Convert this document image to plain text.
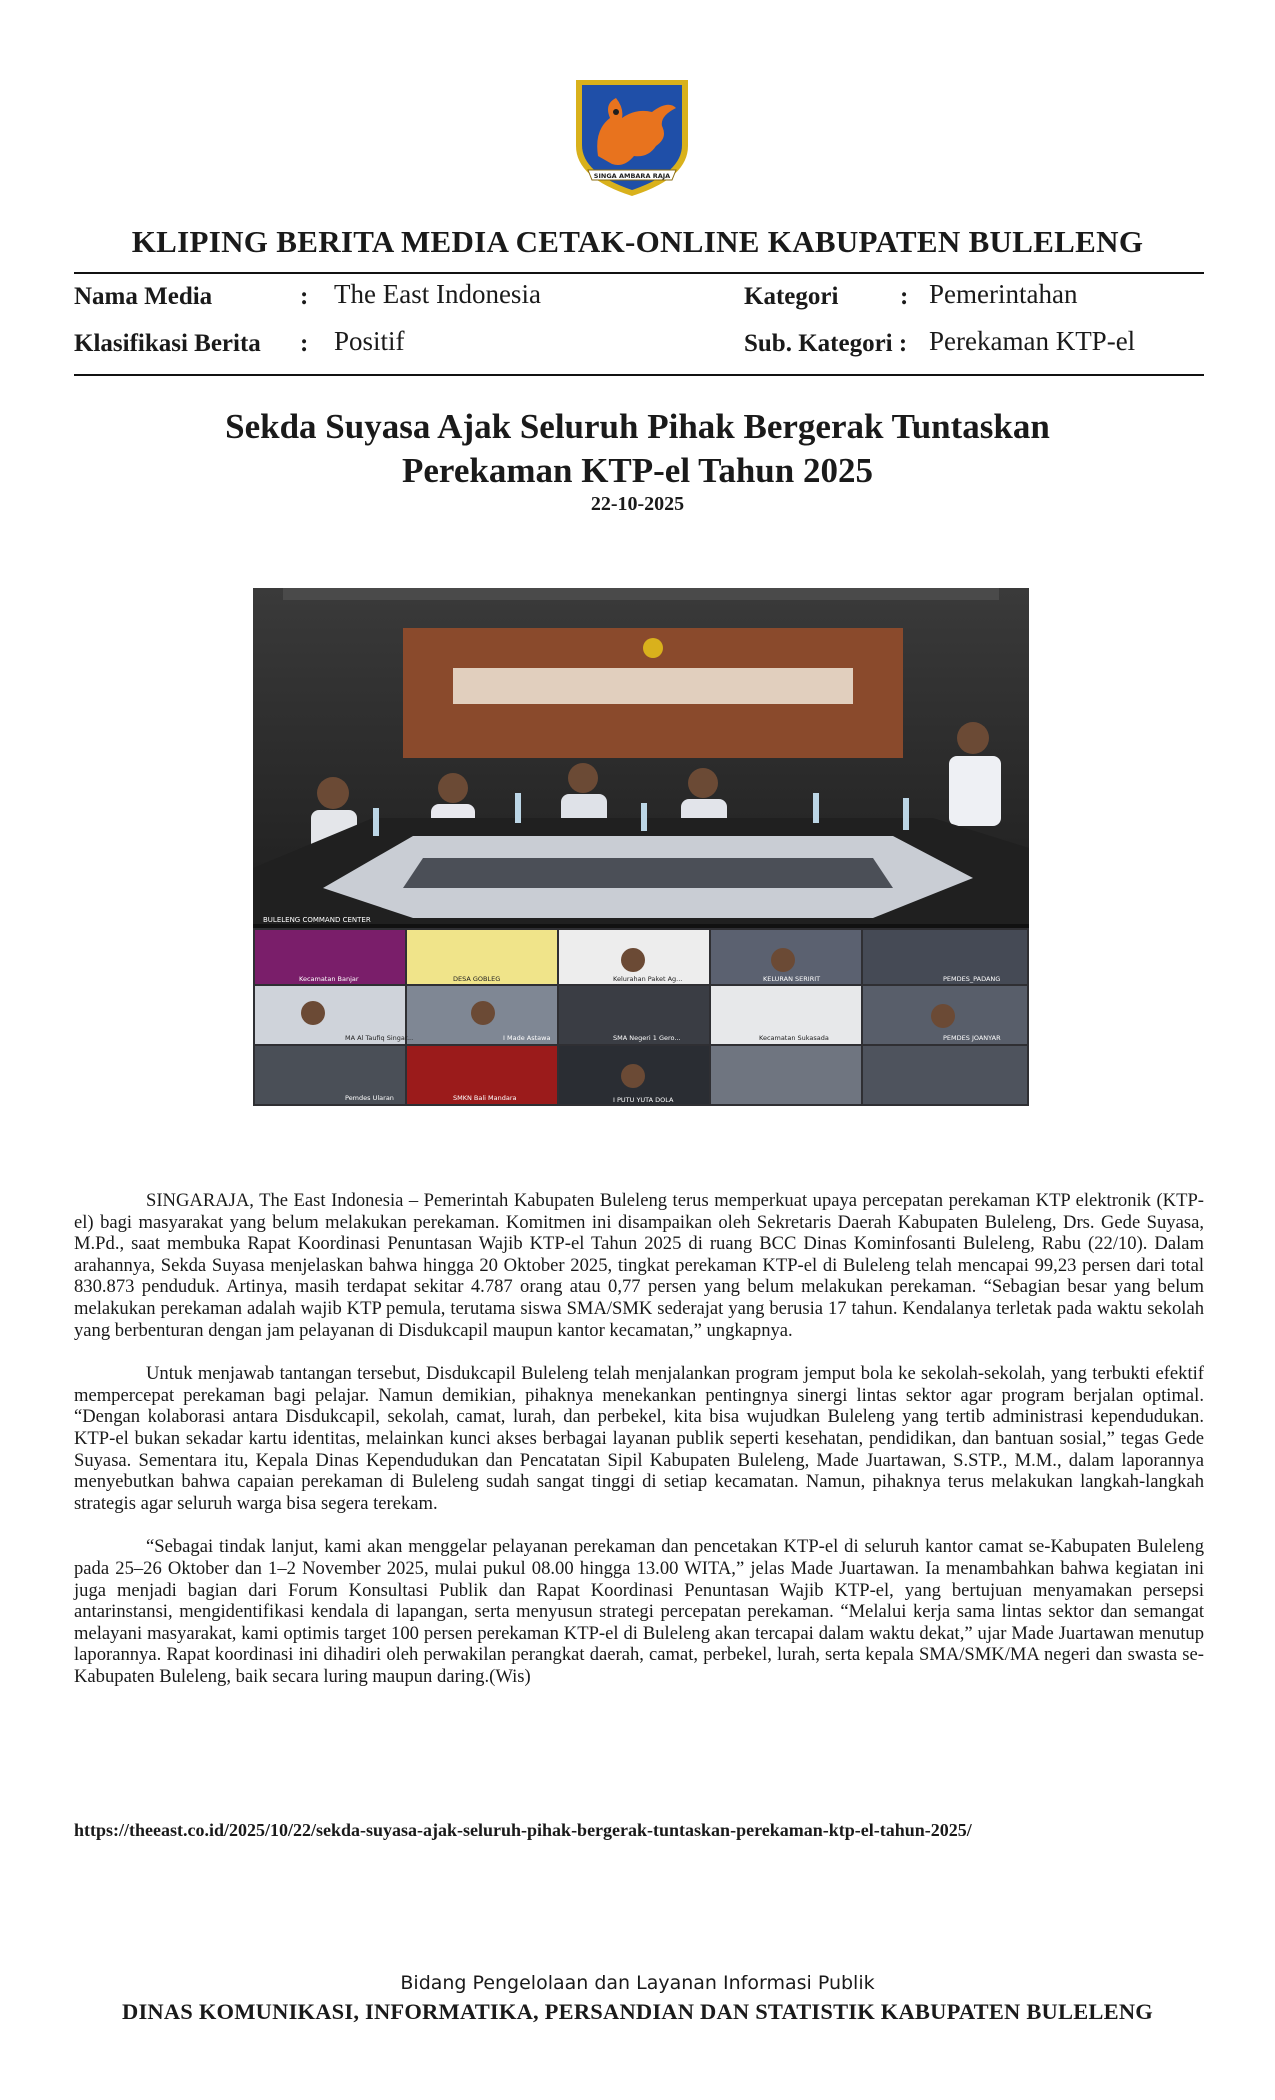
SINGA AMBARA RAJA
KLIPING BERITA MEDIA CETAK-ONLINE KABUPATEN BULELENG
Nama Media	: The East Indonesia	Kategori : Pemerintahan
Klasifikasi Berita : Positif	Sub. Kategori : Perekaman KTP-el
Sekda Suyasa Ajak Seluruh Pihak Bergerak Tuntaskan
Perekaman KTP-el Tahun 2025
22-10-2025
BULELENG COMMAND CENTER
Kecamatan Banjar	DESA GOBLEG	Kelurahan Paket Ag...	KELURAN SERIRIT	PEMDES_PADANG
MA Al Taufiq Singar...	I Made Astawa	SMA Negeri 1 Gero...	Kecamatan Sukasada	PEMDES JOANYAR
Pemdes Ularan	SMKN Bali Mandara	I PUTU YUTA DOLA

SINGARAJA, The East Indonesia – Pemerintah Kabupaten Buleleng terus memperkuat upaya percepatan perekaman KTP elektronik (KTP-el) bagi masyarakat yang belum melakukan perekaman. Komitmen ini disampaikan oleh Sekretaris Daerah Kabupaten Buleleng, Drs. Gede Suyasa, M.Pd., saat membuka Rapat Koordinasi Penuntasan Wajib KTP-el Tahun 2025 di ruang BCC Dinas Kominfosanti Buleleng, Rabu (22/10). Dalam arahannya, Sekda Suyasa menjelaskan bahwa hingga 20 Oktober 2025, tingkat perekaman KTP-el di Buleleng telah mencapai 99,23 persen dari total 830.873 penduduk. Artinya, masih terdapat sekitar 4.787 orang atau 0,77 persen yang belum melakukan perekaman. “Sebagian besar yang belum melakukan perekaman adalah wajib KTP pemula, terutama siswa SMA/SMK sederajat yang berusia 17 tahun. Kendalanya terletak pada waktu sekolah yang berbenturan dengan jam pelayanan di Disdukcapil maupun kantor kecamatan,” ungkapnya.

Untuk menjawab tantangan tersebut, Disdukcapil Buleleng telah menjalankan program jemput bola ke sekolah-sekolah, yang terbukti efektif mempercepat perekaman bagi pelajar. Namun demikian, pihaknya menekankan pentingnya sinergi lintas sektor agar program berjalan optimal. “Dengan kolaborasi antara Disdukcapil, sekolah, camat, lurah, dan perbekel, kita bisa wujudkan Buleleng yang tertib administrasi kependudukan. KTP-el bukan sekadar kartu identitas, melainkan kunci akses berbagai layanan publik seperti kesehatan, pendidikan, dan bantuan sosial,” tegas Gede Suyasa. Sementara itu, Kepala Dinas Kependudukan dan Pencatatan Sipil Kabupaten Buleleng, Made Juartawan, S.STP., M.M., dalam laporannya menyebutkan bahwa capaian perekaman di Buleleng sudah sangat tinggi di setiap kecamatan. Namun, pihaknya terus melakukan langkah-langkah strategis agar seluruh warga bisa segera terekam.

“Sebagai tindak lanjut, kami akan menggelar pelayanan perekaman dan pencetakan KTP-el di seluruh kantor camat se-Kabupaten Buleleng pada 25–26 Oktober dan 1–2 November 2025, mulai pukul 08.00 hingga 13.00 WITA,” jelas Made Juartawan. Ia menambahkan bahwa kegiatan ini juga menjadi bagian dari Forum Konsultasi Publik dan Rapat Koordinasi Penuntasan Wajib KTP-el, yang bertujuan menyamakan persepsi antarinstansi, mengidentifikasi kendala di lapangan, serta menyusun strategi percepatan perekaman. “Melalui kerja sama lintas sektor dan semangat melayani masyarakat, kami optimis target 100 persen perekaman KTP-el di Buleleng akan tercapai dalam waktu dekat,” ujar Made Juartawan menutup laporannya. Rapat koordinasi ini dihadiri oleh perwakilan perangkat daerah, camat, perbekel, lurah, serta kepala SMA/SMK/MA negeri dan swasta se-Kabupaten Buleleng, baik secara luring maupun daring.(Wis)

https://theeast.co.id/2025/10/22/sekda-suyasa-ajak-seluruh-pihak-bergerak-tuntaskan-perekaman-ktp-el-tahun-2025/
Bidang Pengelolaan dan Layanan Informasi Publik
DINAS KOMUNIKASI, INFORMATIKA, PERSANDIAN DAN STATISTIK KABUPATEN BULELENG
